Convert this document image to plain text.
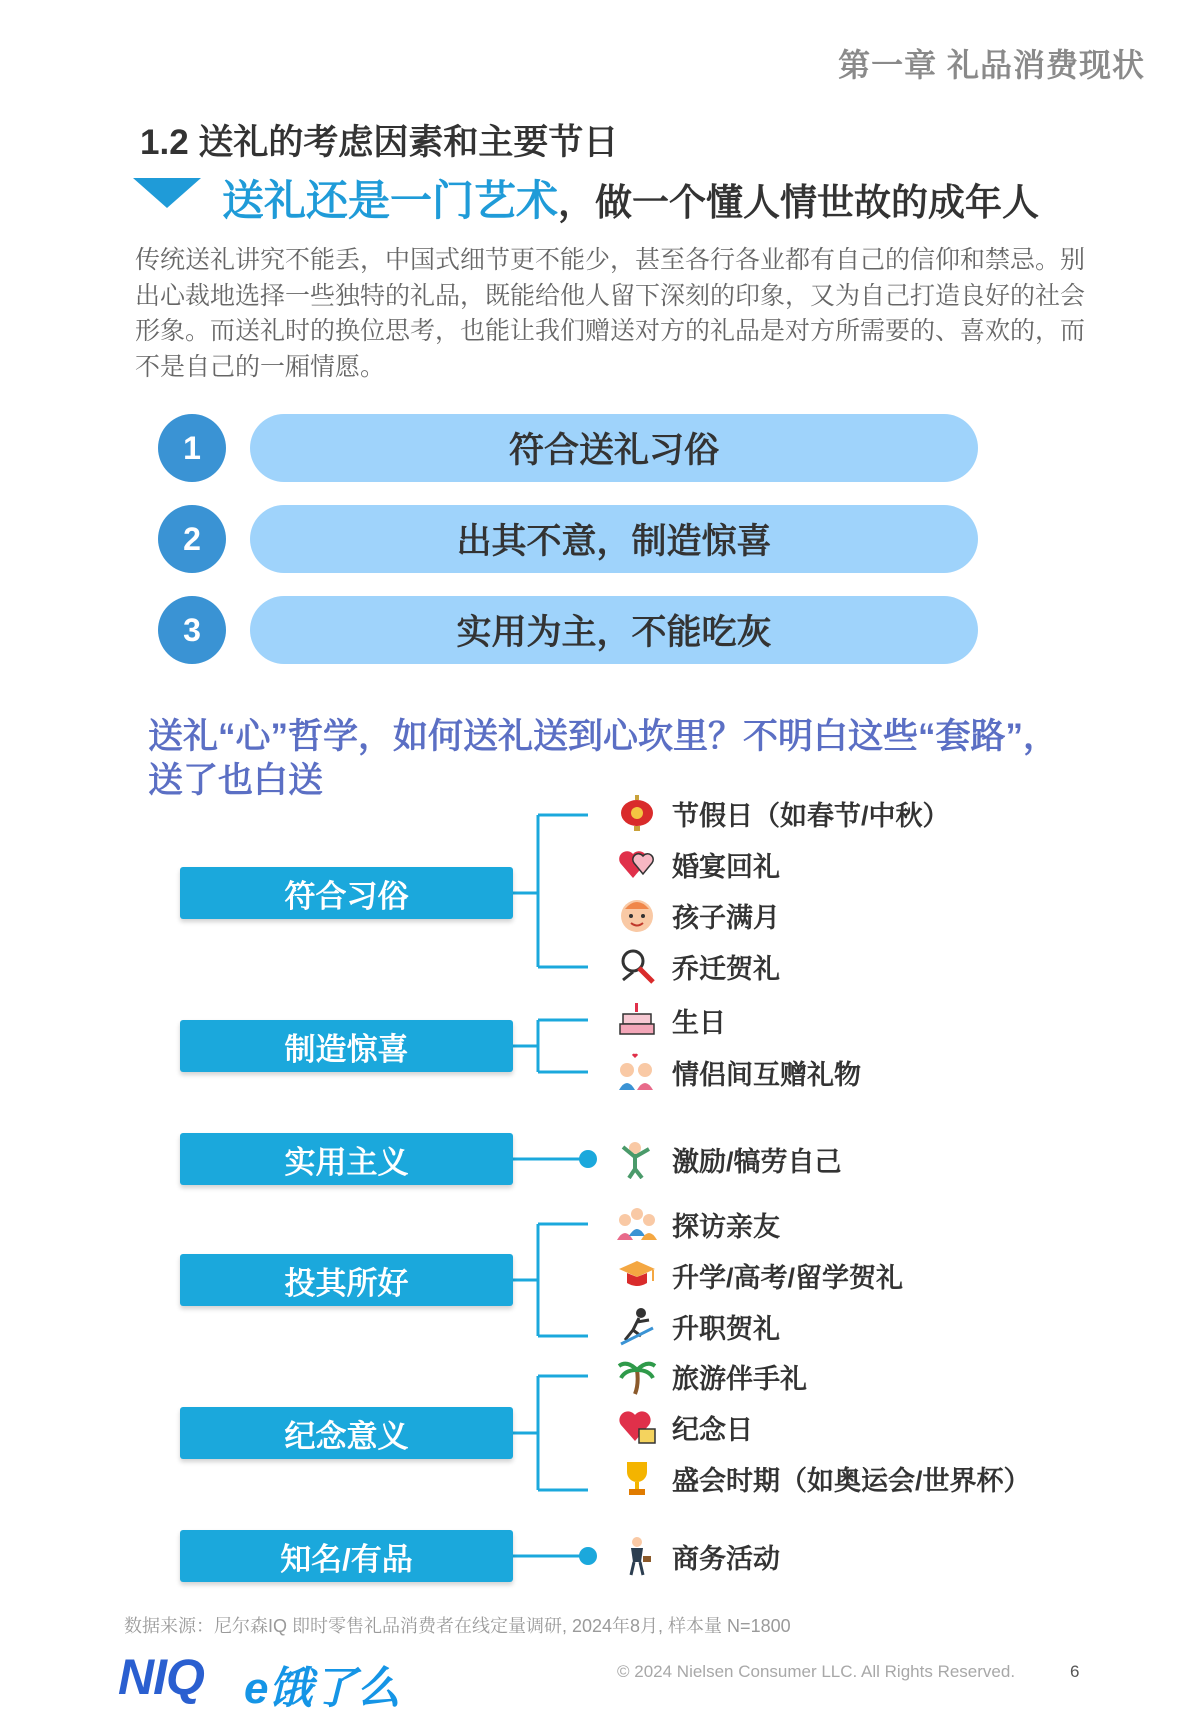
第一章 礼品消费现状
1.2 送礼的考虑因素和主要节日
送礼还是一门艺术，做一个懂人情世故的成年人
传统送礼讲究不能丢，中国式细节更不能少，甚至各行各业都有自己的信仰和禁忌。别出心裁地选择一些独特的礼品，既能给他人留下深刻的印象，又为自己打造良好的社会形象。而送礼时的换位思考，也能让我们赠送对方的礼品是对方所需要的、喜欢的，而不是自己的一厢情愿。
1	符合送礼习俗
2	出其不意，制造惊喜
3	实用为主，不能吃灰
送礼“心”哲学，如何送礼送到心坎里？不明白这些“套路”，送了也白送
符合习俗
制造惊喜
实用主义
投其所好
纪念意义
知名/有品
节假日（如春节/中秋）
婚宴回礼
孩子满月
乔迁贺礼
生日
情侣间互赠礼物
激励/犒劳自己
探访亲友
升学/高考/留学贺礼
升职贺礼
旅游伴手礼
纪念日
盛会时期（如奥运会/世界杯）
商务活动
数据来源：尼尔森IQ 即时零售礼品消费者在线定量调研, 2024年8月, 样本量 N=1800
NIQ e饿了么	© 2024 Nielsen Consumer LLC. All Rights Reserved.	6
